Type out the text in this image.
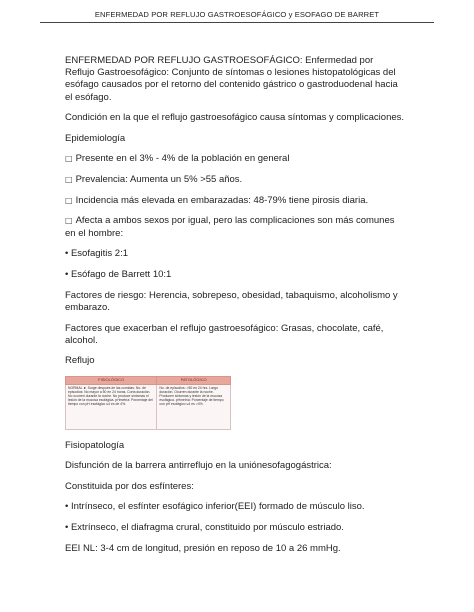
ENFERMEDAD POR REFLUJO GASTROESOFÁGICO y ESOFAGO DE BARRET

ENFERMEDAD POR REFLUJO GASTROESOFÁGICO: Enfermedad por Reflujo Gastroesofágico: Conjunto de síntomas o lesiones histopatológicas del esófago causados por el retorno del contenido gástrico o gastroduodenal hacia el esófago.

Condición en la que el reflujo gastroesofágico causa síntomas y complicaciones.

Epidemiología

□ Presente en el 3% - 4% de la población en general

□ Prevalencia: Aumenta un 5% >55 años.

□ Incidencia más elevada en embarazadas: 48-79% tiene pirosis diaria.

□ Afecta a ambos sexos por igual, pero las complicaciones son más comunes en el hombre:

• Esofagitis 2:1

• Esófago de Barrett 10:1

Factores de riesgo: Herencia, sobrepeso, obesidad, tabaquismo, alcoholismo y embarazo.

Factores que exacerban el reflujo gastroesofágico: Grasas, chocolate, café, alcohol.

Reflujo

FISIOLÓGICO	PATOLÓGICO
NORMAL ► Surge después de las comidas. No. de episodios: No mayor a 50 en 24 horas. Corta duración. No ocurren durante la noche. No produce síntomas ni lesión de la mucosa esofágica. pHmetría: Porcentaje del tiempo con pH esofágico ≤4 es de 4%.	No. de episodios: >50 en 24 hrs. Largo duración. Ocurren durante la noche. Producen síntomas y lesión de la mucosa esofágica. pHmetría: Porcentaje de tiempo con pH esofágico ≤4 es >4%.

Fisiopatología

Disfunción de la barrera antirreflujo en la uniónesofagogástrica:

Constituida por dos esfínteres:

• Intrínseco, el esfínter esofágico inferior(EEI) formado de músculo liso.

• Extrínseco, el diafragma crural, constituido por músculo estriado.

EEI NL: 3-4 cm de longitud, presión en reposo de 10 a 26 mmHg.
